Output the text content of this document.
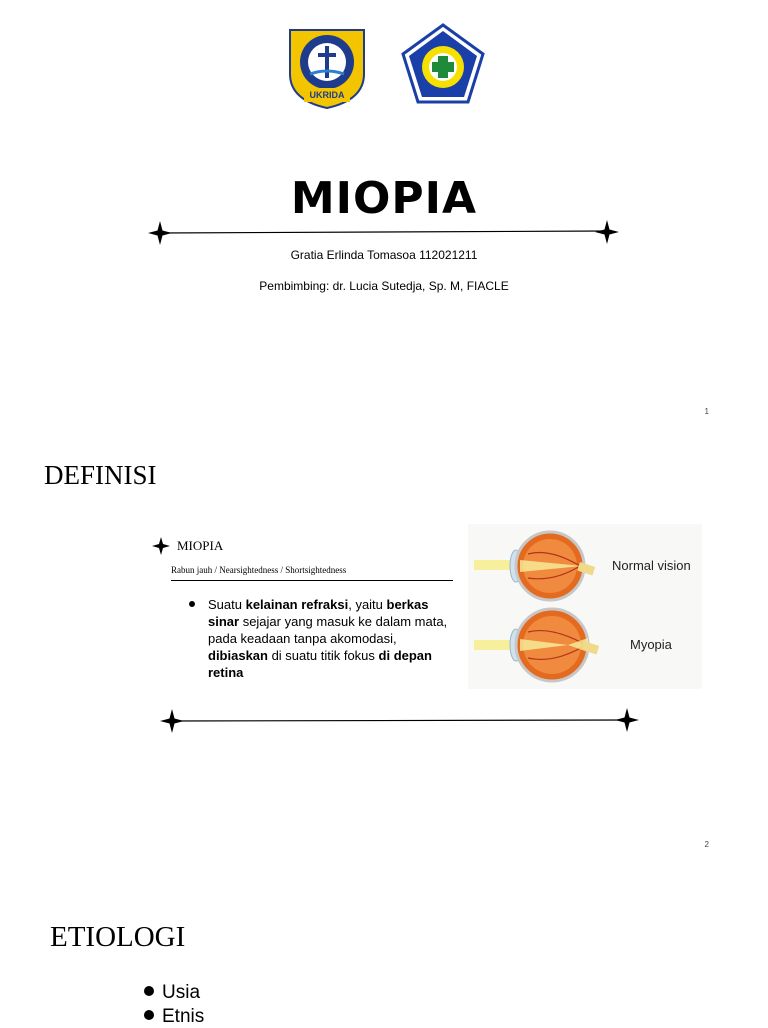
UKRIDA
MIOPIA
Gratia Erlinda Tomasoa 112021211
Pembimbing: dr. Lucia Sutedja, Sp. M, FIACLE
1
DEFINISI
MIOPIA
Rabun jauh / Nearsightedness / Shortsightedness
Suatu kelainan refraksi, yaitu berkas sinar sejajar yang masuk ke dalam mata, pada keadaan tanpa akomodasi, dibiaskan di suatu titik fokus di depan retina
Normal vision
Myopia
2
ETIOLOGI
Usia
Etnis
